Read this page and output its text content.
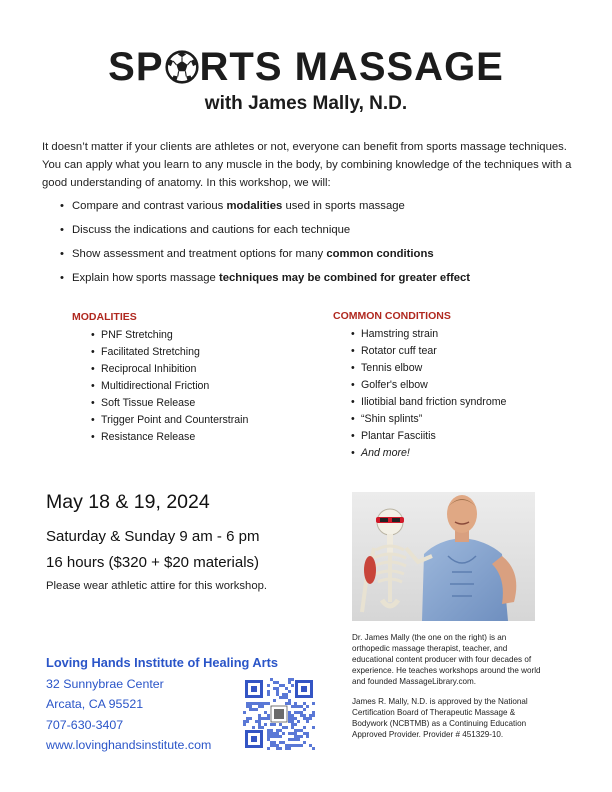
SP RTS MASSAGE
with James Mally, N.D.
It doesn’t matter if your clients are athletes or not, everyone can benefit from sports massage techniques. You can apply what you learn to any muscle in the body, by combining knowledge of the techniques with a good understanding of anatomy. In this workshop, we will:
• Compare and contrast various modalities used in sports massage
• Discuss the indications and cautions for each technique
• Show assessment and treatment options for many common conditions
• Explain how sports massage techniques may be combined for greater effect
MODALITIES
• PNF Stretching
• Facilitated Stretching
• Reciprocal Inhibition
• Multidirectional Friction
• Soft Tissue Release
• Trigger Point and Counterstrain
• Resistance Release
COMMON CONDITIONS
• Hamstring strain
• Rotator cuff tear
• Tennis elbow
• Golfer's elbow
• Iliotibial band friction syndrome
• “Shin splints”
• Plantar Fasciitis
• And more!
May 18 & 19, 2024
Saturday & Sunday 9 am - 6 pm
16 hours ($320 + $20 materials)
Please wear athletic attire for this workshop.

Dr. James Mally (the one on the right) is an orthopedic massage therapist, teacher, and educational content producer with four decades of experience. He teaches workshops around the world and founded MassageLibrary.com.

James R. Mally, N.D. is approved by the National Certification Board of Therapeutic Massage & Bodywork (NCBTMB) as a Continuing Education Approved Provider. Provider # 451329-10.

Loving Hands Institute of Healing Arts
32 Sunnybrae Center
Arcata, CA 95521
707-630-3407
www.lovinghandsinstitute.com
